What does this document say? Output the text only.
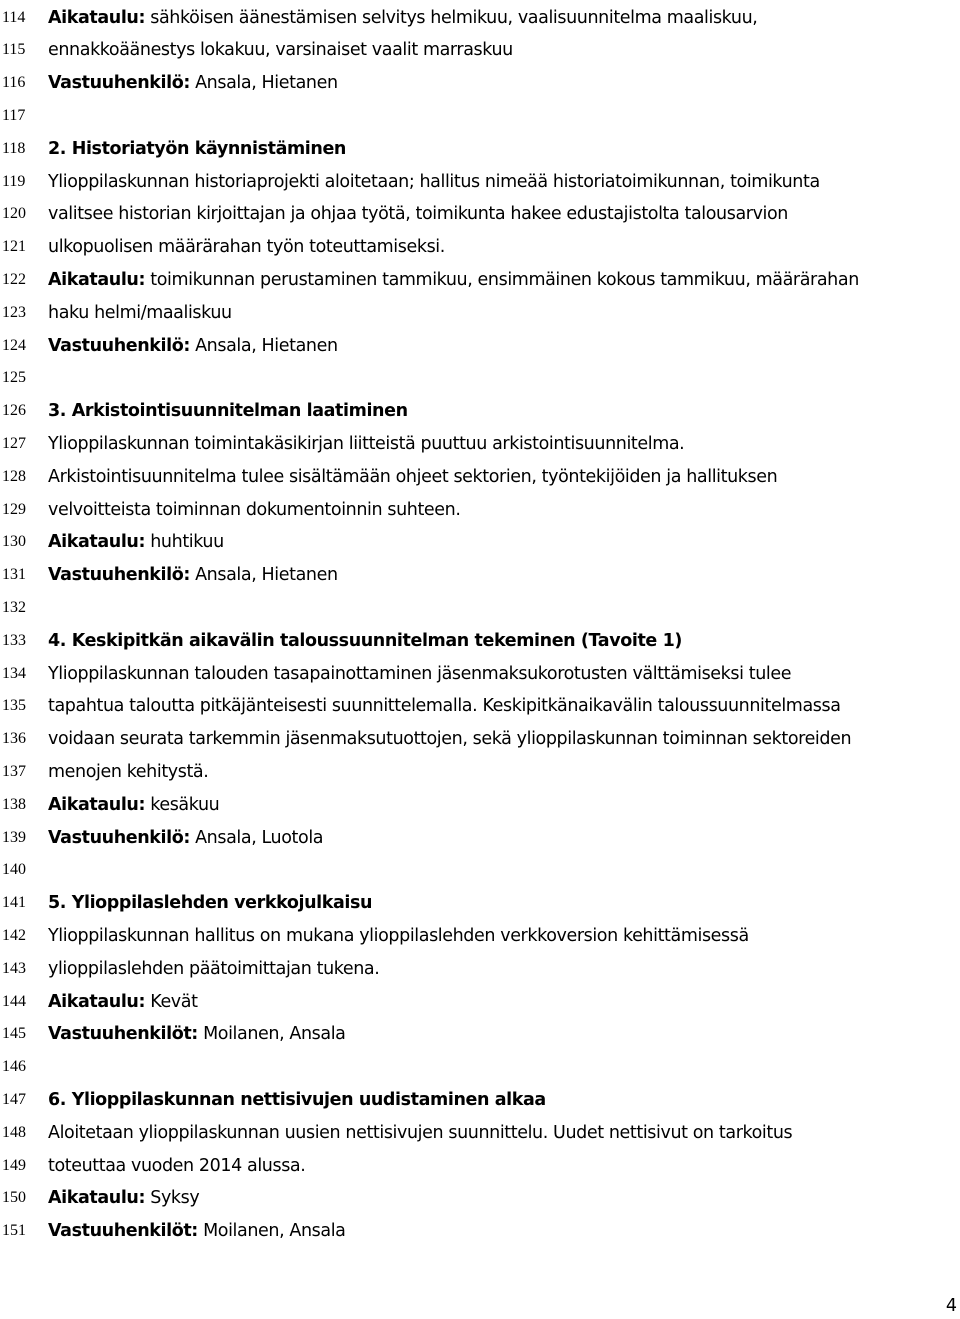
114	Aikataulu: sähköisen äänestämisen selvitys helmikuu, vaalisuunnitelma maaliskuu,
115	ennakkoäänestys lokakuu, varsinaiset vaalit marraskuu
116	Vastuuhenkilö: Ansala, Hietanen
117
118	2. Historiatyön käynnistäminen
119	Ylioppilaskunnan historiaprojekti aloitetaan; hallitus nimeää historiatoimikunnan, toimikunta
120	valitsee historian kirjoittajan ja ohjaa työtä, toimikunta hakee edustajistolta talousarvion
121	ulkopuolisen määrärahan työn toteuttamiseksi.
122	Aikataulu: toimikunnan perustaminen tammikuu, ensimmäinen kokous tammikuu, määrärahan
123	haku helmi/maaliskuu
124	Vastuuhenkilö: Ansala, Hietanen
125
126	3. Arkistointisuunnitelman laatiminen
127	Ylioppilaskunnan toimintakäsikirjan liitteistä puuttuu arkistointisuunnitelma.
128	Arkistointisuunnitelma tulee sisältämään ohjeet sektorien, työntekijöiden ja hallituksen
129	velvoitteista toiminnan dokumentoinnin suhteen.
130	Aikataulu: huhtikuu
131	Vastuuhenkilö: Ansala, Hietanen
132
133	4. Keskipitkän aikavälin taloussuunnitelman tekeminen (Tavoite 1)
134	Ylioppilaskunnan talouden tasapainottaminen jäsenmaksukorotusten välttämiseksi tulee
135	tapahtua taloutta pitkäjänteisesti suunnittelemalla. Keskipitkänaikavälin taloussuunnitelmassa
136	voidaan seurata tarkemmin jäsenmaksutuottojen, sekä ylioppilaskunnan toiminnan sektoreiden
137	menojen kehitystä.
138	Aikataulu: kesäkuu
139	Vastuuhenkilö: Ansala, Luotola
140
141	5. Ylioppilaslehden verkkojulkaisu
142	Ylioppilaskunnan hallitus on mukana ylioppilaslehden verkkoversion kehittämisessä
143	ylioppilaslehden päätoimittajan tukena.
144	Aikataulu: Kevät
145	Vastuuhenkilöt: Moilanen, Ansala
146
147	6. Ylioppilaskunnan nettisivujen uudistaminen alkaa
148	Aloitetaan ylioppilaskunnan uusien nettisivujen suunnittelu. Uudet nettisivut on tarkoitus
149	toteuttaa vuoden 2014 alussa.
150	Aikataulu: Syksy
151	Vastuuhenkilöt: Moilanen, Ansala
4
